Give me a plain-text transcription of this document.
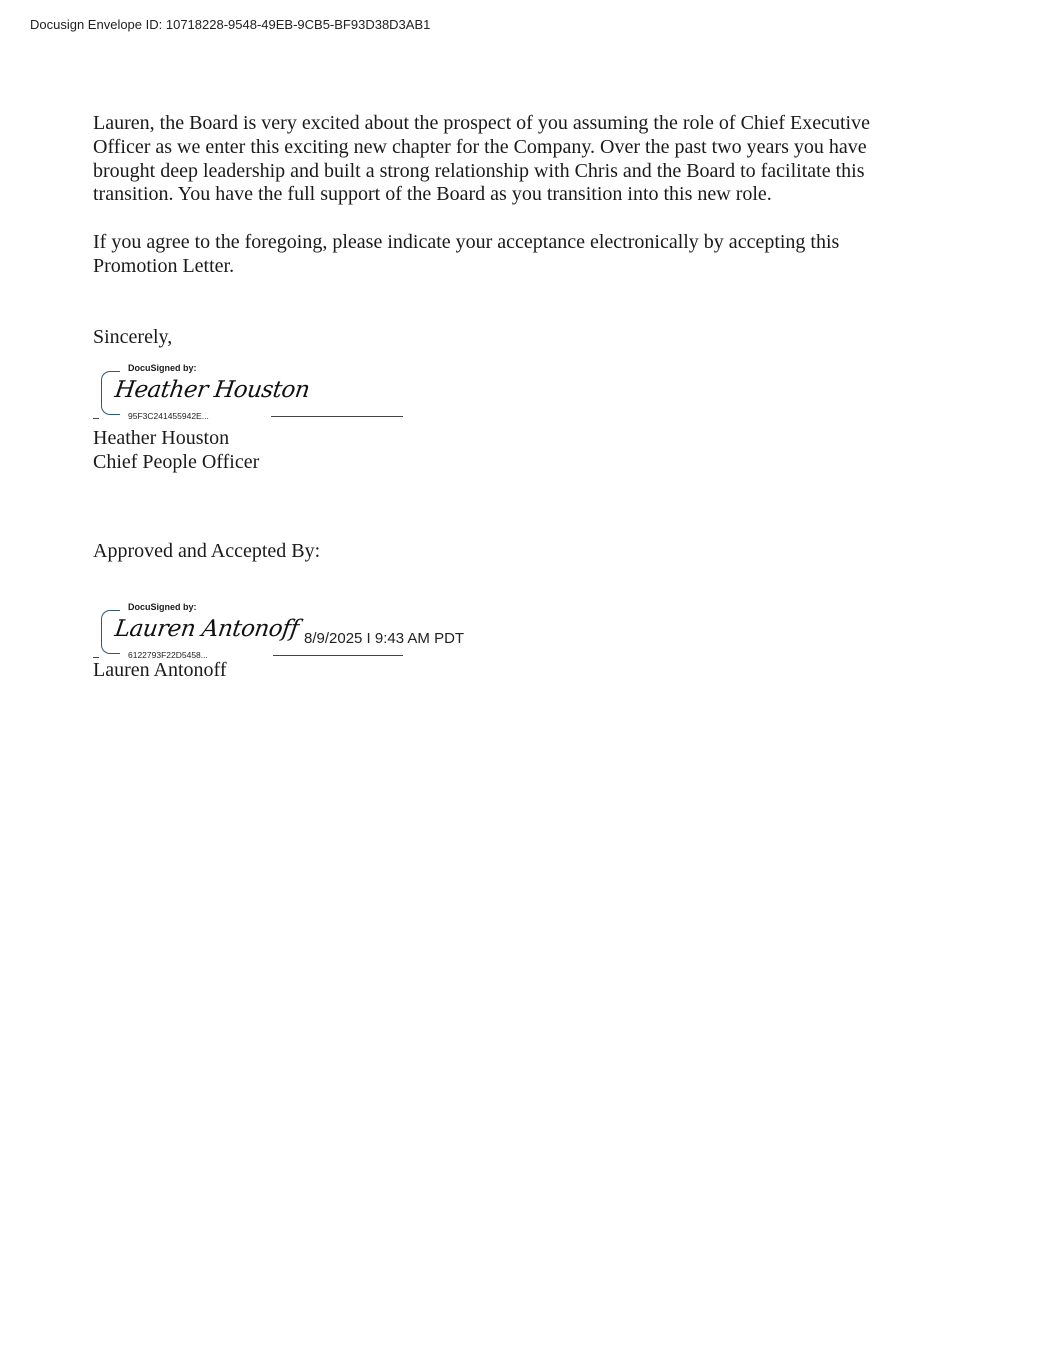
Docusign Envelope ID: 10718228-9548-49EB-9CB5-BF93D38D3AB1

Lauren, the Board is very excited about the prospect of you assuming the role of Chief Executive
Officer as we enter this exciting new chapter for the Company. Over the past two years you have
brought deep leadership and built a strong relationship with Chris and the Board to facilitate this
transition. You have the full support of the Board as you transition into this new role.

If you agree to the foregoing, please indicate your acceptance electronically by accepting this
Promotion Letter.

Sincerely,

DocuSigned by:
Heather Houston
95F3C241455942E...
Heather Houston
Chief People Officer
Approved and Accepted By:
DocuSigned by:
Lauren Antonoff
6122793F22D5458...
8/9/2025 I 9:43 AM PDT
Lauren Antonoff
